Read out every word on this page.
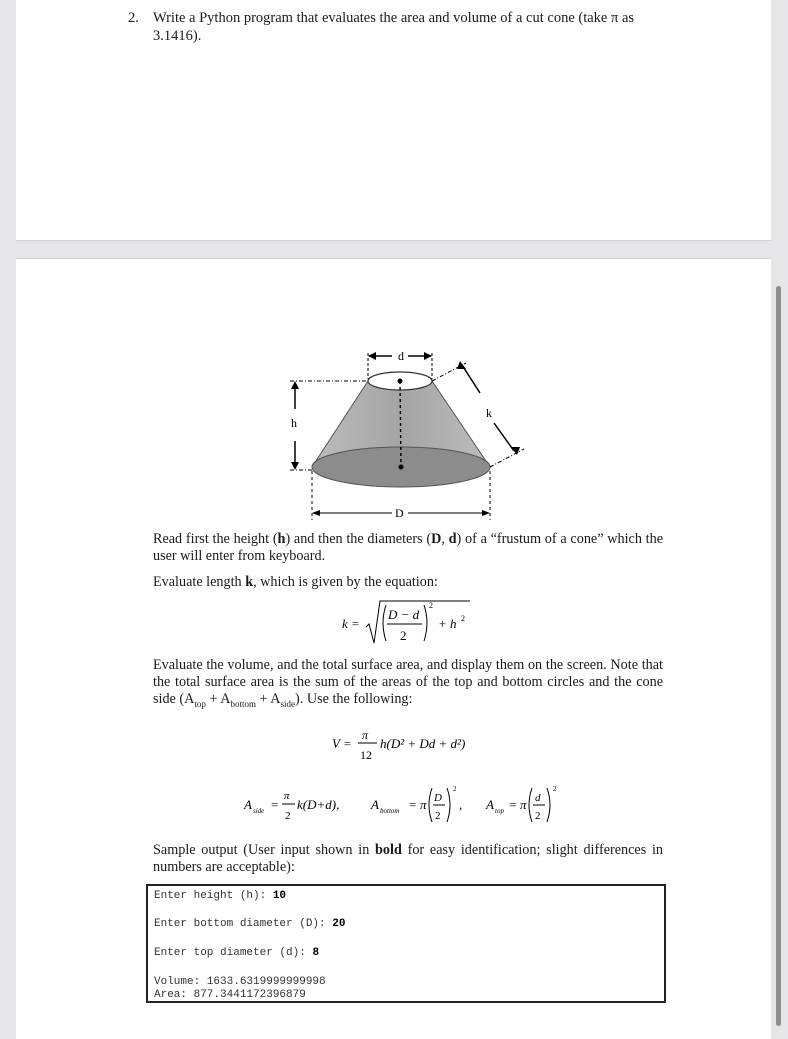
2. Write a Python program that evaluates the area and volume of a cut cone (take π as 3.1416).
d
h
k
D
Read first the height (h) and then the diameters (D, d) of a “frustum of a cone” which the user will enter from keyboard.
Evaluate length k, which is given by the equation:
k =
D − d
2
2
+ h 2
Evaluate the volume, and the total surface area, and display them on the screen. Note that the total surface area is the sum of the areas of the top and bottom circles and the cone side $(A_{top} + A_{bottom} + A_{side})$. Use the following:
V =
π
12
h(D² + Dd + d²)
A side =
π
2
k(D+d), A bottom = π D
2
2
, A top = π d
2
2
Sample output (User input shown in bold for easy identification; slight differences in numbers are acceptable):
Enter height (h): 10
Enter bottom diameter (D): 20
Enter top diameter (d): 8
Volume: 1633.6319999999998
Area: 877.3441172396879
